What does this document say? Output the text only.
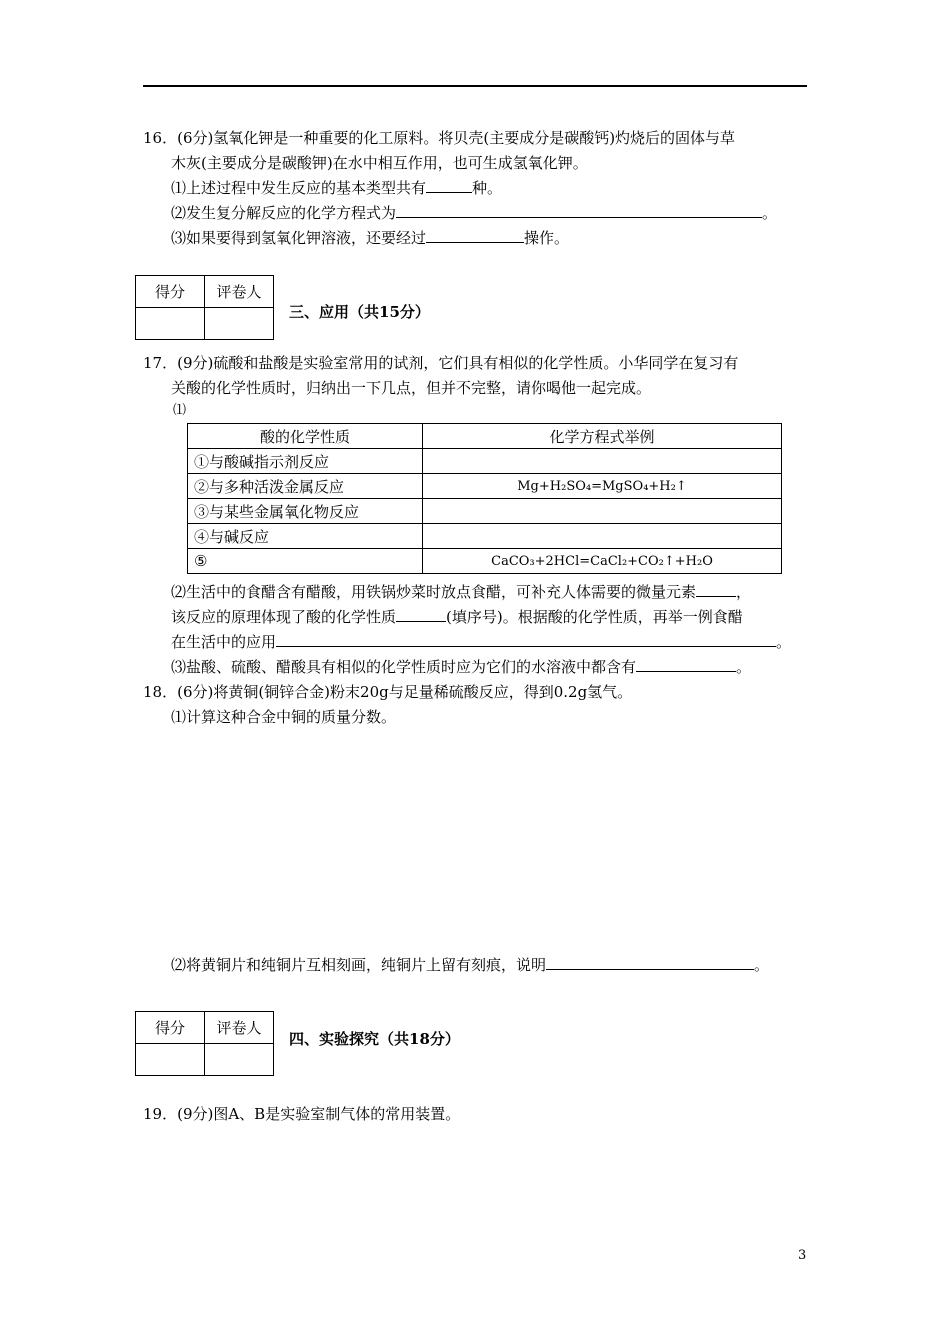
16．(6分)氢氧化钾是一种重要的化工原料。将贝壳(主要成分是碳酸钙)灼烧后的固体与草
木灰(主要成分是碳酸钾)在水中相互作用，也可生成氢氧化钾。
⑴上述过程中发生反应的基本类型共有	种。
⑵发生复分解反应的化学方程式为	。
⑶如果要得到氢氧化钾溶液，还要经过	操作。
得分	评卷人

三、应用（共15分）
17．(9分)硫酸和盐酸是实验室常用的试剂，它们具有相似的化学性质。小华同学在复习有
关酸的化学性质时，归纳出一下几点，但并不完整，请你喝他一起完成。
⑴
酸的化学性质	化学方程式举例
①与酸碱指示剂反应	
②与多种活泼金属反应	Mg+H₂SO₄=MgSO₄+H₂↑
③与某些金属氧化物反应	
④与碱反应	
⑤	CaCO₃+2HCl=CaCl₂+CO₂↑+H₂O
⑵生活中的食醋含有醋酸，用铁锅炒菜时放点食醋，可补充人体需要的微量元素	，
该反应的原理体现了酸的化学性质	(填序号)。根据酸的化学性质，再举一例食醋
在生活中的应用	。
⑶盐酸、硫酸、醋酸具有相似的化学性质时应为它们的水溶液中都含有	。
18．(6分)将黄铜(铜锌合金)粉末20g与足量稀硫酸反应，得到0.2g氢气。
⑴计算这种合金中铜的质量分数。
⑵将黄铜片和纯铜片互相刻画，纯铜片上留有刻痕，说明	。
得分	评卷人

四、实验探究（共18分）
19．(9分)图A、B是实验室制气体的常用装置。
3
